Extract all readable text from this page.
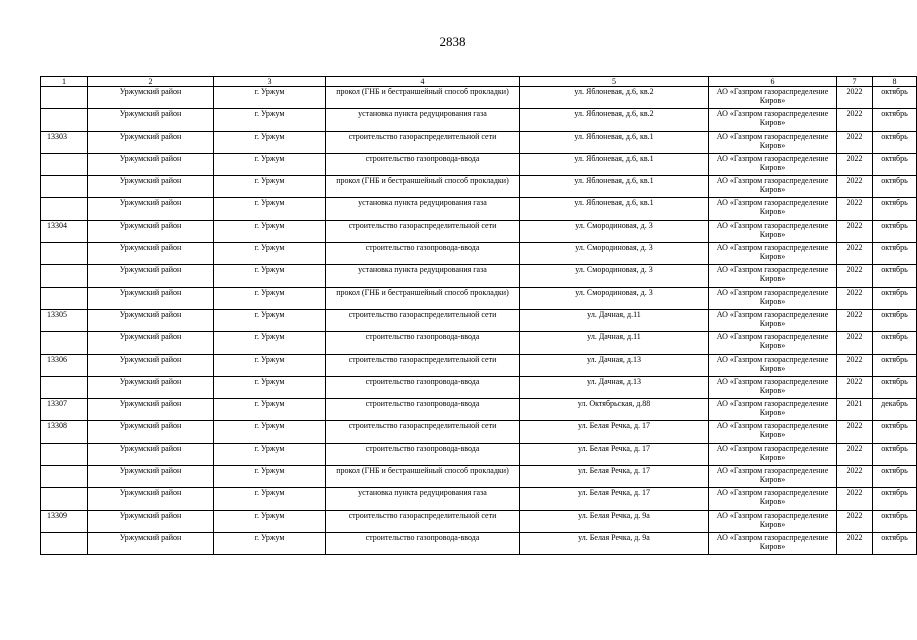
2838
1	2	3	4	5	6	7	8
	Уржумский район	г. Уржум	прокол (ГНБ и бестраншейный способ прокладки)	ул. Яблоневая, д.6, кв.2	АО «Газпром газораспределение Киров»	2022	октябрь
	Уржумский район	г. Уржум	установка пункта редуцирования газа	ул. Яблоневая, д.6, кв.2	АО «Газпром газораспределение Киров»	2022	октябрь
13303	Уржумский район	г. Уржум	строительство газораспределительной сети	ул. Яблоневая, д.6, кв.1	АО «Газпром газораспределение Киров»	2022	октябрь
	Уржумский район	г. Уржум	строительство газопровода-ввода	ул. Яблоневая, д.6, кв.1	АО «Газпром газораспределение Киров»	2022	октябрь
	Уржумский район	г. Уржум	прокол (ГНБ и бестраншейный способ прокладки)	ул. Яблоневая, д.6, кв.1	АО «Газпром газораспределение Киров»	2022	октябрь
	Уржумский район	г. Уржум	установка пункта редуцирования газа	ул. Яблоневая, д.6, кв.1	АО «Газпром газораспределение Киров»	2022	октябрь
13304	Уржумский район	г. Уржум	строительство газораспределительной сети	ул. Смородиновая, д. 3	АО «Газпром газораспределение Киров»	2022	октябрь
	Уржумский район	г. Уржум	строительство газопровода-ввода	ул. Смородиновая, д. 3	АО «Газпром газораспределение Киров»	2022	октябрь
	Уржумский район	г. Уржум	установка пункта редуцирования газа	ул. Смородиновая, д. 3	АО «Газпром газораспределение Киров»	2022	октябрь
	Уржумский район	г. Уржум	прокол (ГНБ и бестраншейный способ прокладки)	ул. Смородиновая, д. 3	АО «Газпром газораспределение Киров»	2022	октябрь
13305	Уржумский район	г. Уржум	строительство газораспределительной сети	ул. Дачная, д.11	АО «Газпром газораспределение Киров»	2022	октябрь
	Уржумский район	г. Уржум	строительство газопровода-ввода	ул. Дачная, д.11	АО «Газпром газораспределение Киров»	2022	октябрь
13306	Уржумский район	г. Уржум	строительство газораспределительной сети	ул. Дачная, д.13	АО «Газпром газораспределение Киров»	2022	октябрь
	Уржумский район	г. Уржум	строительство газопровода-ввода	ул. Дачная, д.13	АО «Газпром газораспределение Киров»	2022	октябрь
13307	Уржумский район	г. Уржум	строительство газопровода-ввода	ул. Октябрьская, д.88	АО «Газпром газораспределение Киров»	2021	декабрь
13308	Уржумский район	г. Уржум	строительство газораспределительной сети	ул. Белая Речка, д. 17	АО «Газпром газораспределение Киров»	2022	октябрь
	Уржумский район	г. Уржум	строительство газопровода-ввода	ул. Белая Речка, д. 17	АО «Газпром газораспределение Киров»	2022	октябрь
	Уржумский район	г. Уржум	прокол (ГНБ и бестраншейный способ прокладки)	ул. Белая Речка, д. 17	АО «Газпром газораспределение Киров»	2022	октябрь
	Уржумский район	г. Уржум	установка пункта редуцирования газа	ул. Белая Речка, д. 17	АО «Газпром газораспределение Киров»	2022	октябрь
13309	Уржумский район	г. Уржум	строительство газораспределительной сети	ул. Белая Речка, д. 9а	АО «Газпром газораспределение Киров»	2022	октябрь
	Уржумский район	г. Уржум	строительство газопровода-ввода	ул. Белая Речка, д. 9а	АО «Газпром газораспределение Киров»	2022	октябрь
